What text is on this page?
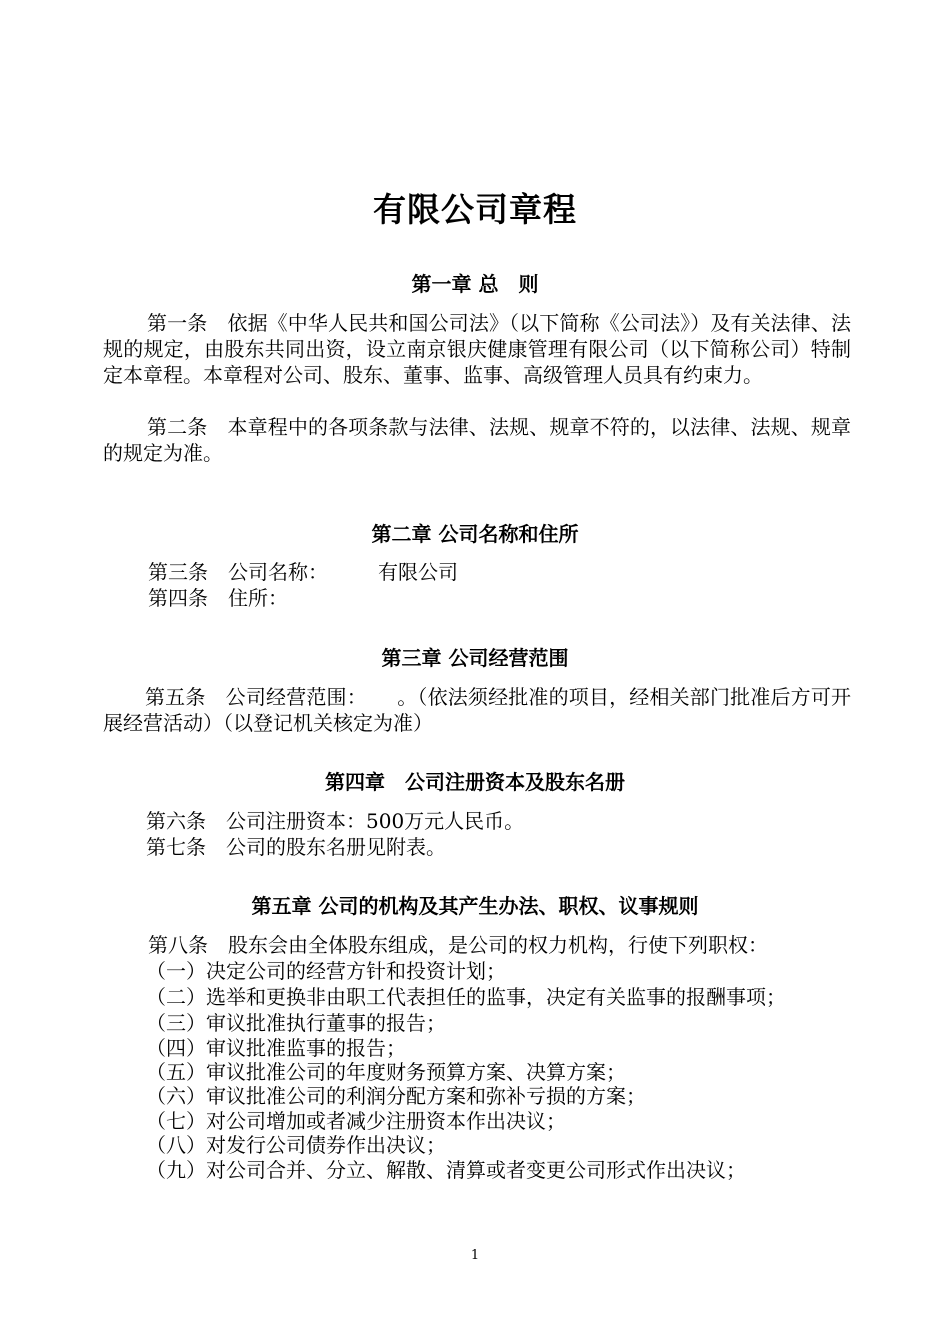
有限公司章程
第一章 总　则
第一条　依据《中华人民共和国公司法》（以下简称《公司法》）及有关法律、法规的规定，由股东共同出资，设立南京银庆健康管理有限公司（以下简称公司）特制定本章程。本章程对公司、股东、董事、监事、高级管理人员具有约束力。
第二条　本章程中的各项条款与法律、法规、规章不符的，以法律、法规、规章的规定为准。
第二章 公司名称和住所
第三条　公司名称：　　　有限公司
第四条　住所：
第三章 公司经营范围
第五条　公司经营范围：　　。（依法须经批准的项目，经相关部门批准后方可开展经营活动）（以登记机关核定为准）
第四章　公司注册资本及股东名册
第六条　公司注册资本：500万元人民币。
第七条　公司的股东名册见附表。
第五章 公司的机构及其产生办法、职权、议事规则
第八条　股东会由全体股东组成，是公司的权力机构，行使下列职权：
（一）决定公司的经营方针和投资计划；
（二）选举和更换非由职工代表担任的监事，决定有关监事的报酬事项；
（三）审议批准执行董事的报告；
（四）审议批准监事的报告；
（五）审议批准公司的年度财务预算方案、决算方案；
（六）审议批准公司的利润分配方案和弥补亏损的方案；
（七）对公司增加或者减少注册资本作出决议；
（八）对发行公司债券作出决议；
（九）对公司合并、分立、解散、清算或者变更公司形式作出决议；
1
